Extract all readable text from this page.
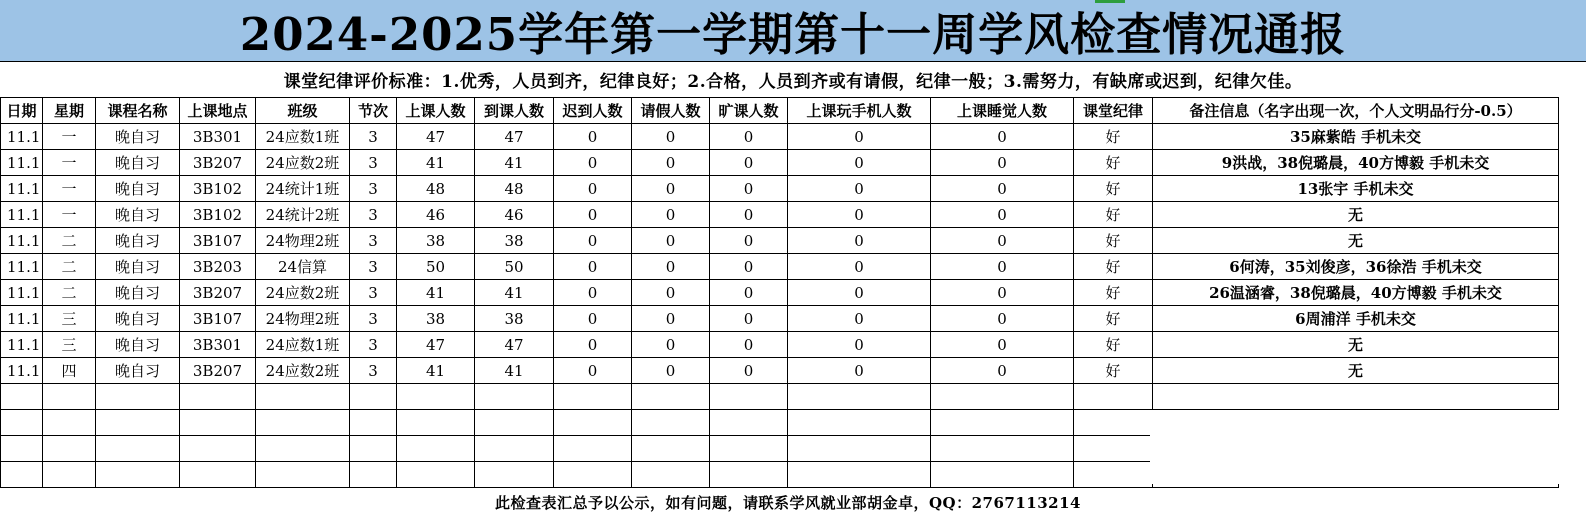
2024-2025学年第一学期第十一周学风检查情况通报
课堂纪律评价标准：1.优秀，人员到齐，纪律良好；2.合格，人员到齐或有请假，纪律一般；3.需努力，有缺席或迟到，纪律欠佳。
日期	星期	课程名称	上课地点	班级	节次	上课人数	到课人数	迟到人数	请假人数	旷课人数	上课玩手机人数	上课睡觉人数	课堂纪律	备注信息（名字出现一次，个人文明品行分-0.5）
11.1	一	晚自习	3B301	24应数1班	3	47	47	0	0	0	0	0	好	35麻紫皓 手机未交
11.1	一	晚自习	3B207	24应数2班	3	41	41	0	0	0	0	0	好	9洪战，38倪璐晨，40方博毅 手机未交
11.1	一	晚自习	3B102	24统计1班	3	48	48	0	0	0	0	0	好	13张宇 手机未交
11.1	一	晚自习	3B102	24统计2班	3	46	46	0	0	0	0	0	好	无
11.1	二	晚自习	3B107	24物理2班	3	38	38	0	0	0	0	0	好	无
11.1	二	晚自习	3B203	24信算	3	50	50	0	0	0	0	0	好	6何涛，35刘俊彦，36徐浩 手机未交
11.1	二	晚自习	3B207	24应数2班	3	41	41	0	0	0	0	0	好	26温涵睿，38倪璐晨，40方博毅 手机未交
11.1	三	晚自习	3B107	24物理2班	3	38	38	0	0	0	0	0	好	6周浦洋 手机未交
11.1	三	晚自习	3B301	24应数1班	3	47	47	0	0	0	0	0	好	无
11.1	四	晚自习	3B207	24应数2班	3	41	41	0	0	0	0	0	好	无

此检查表汇总予以公示，如有问题，请联系学风就业部胡金卓，QQ：2767113214
